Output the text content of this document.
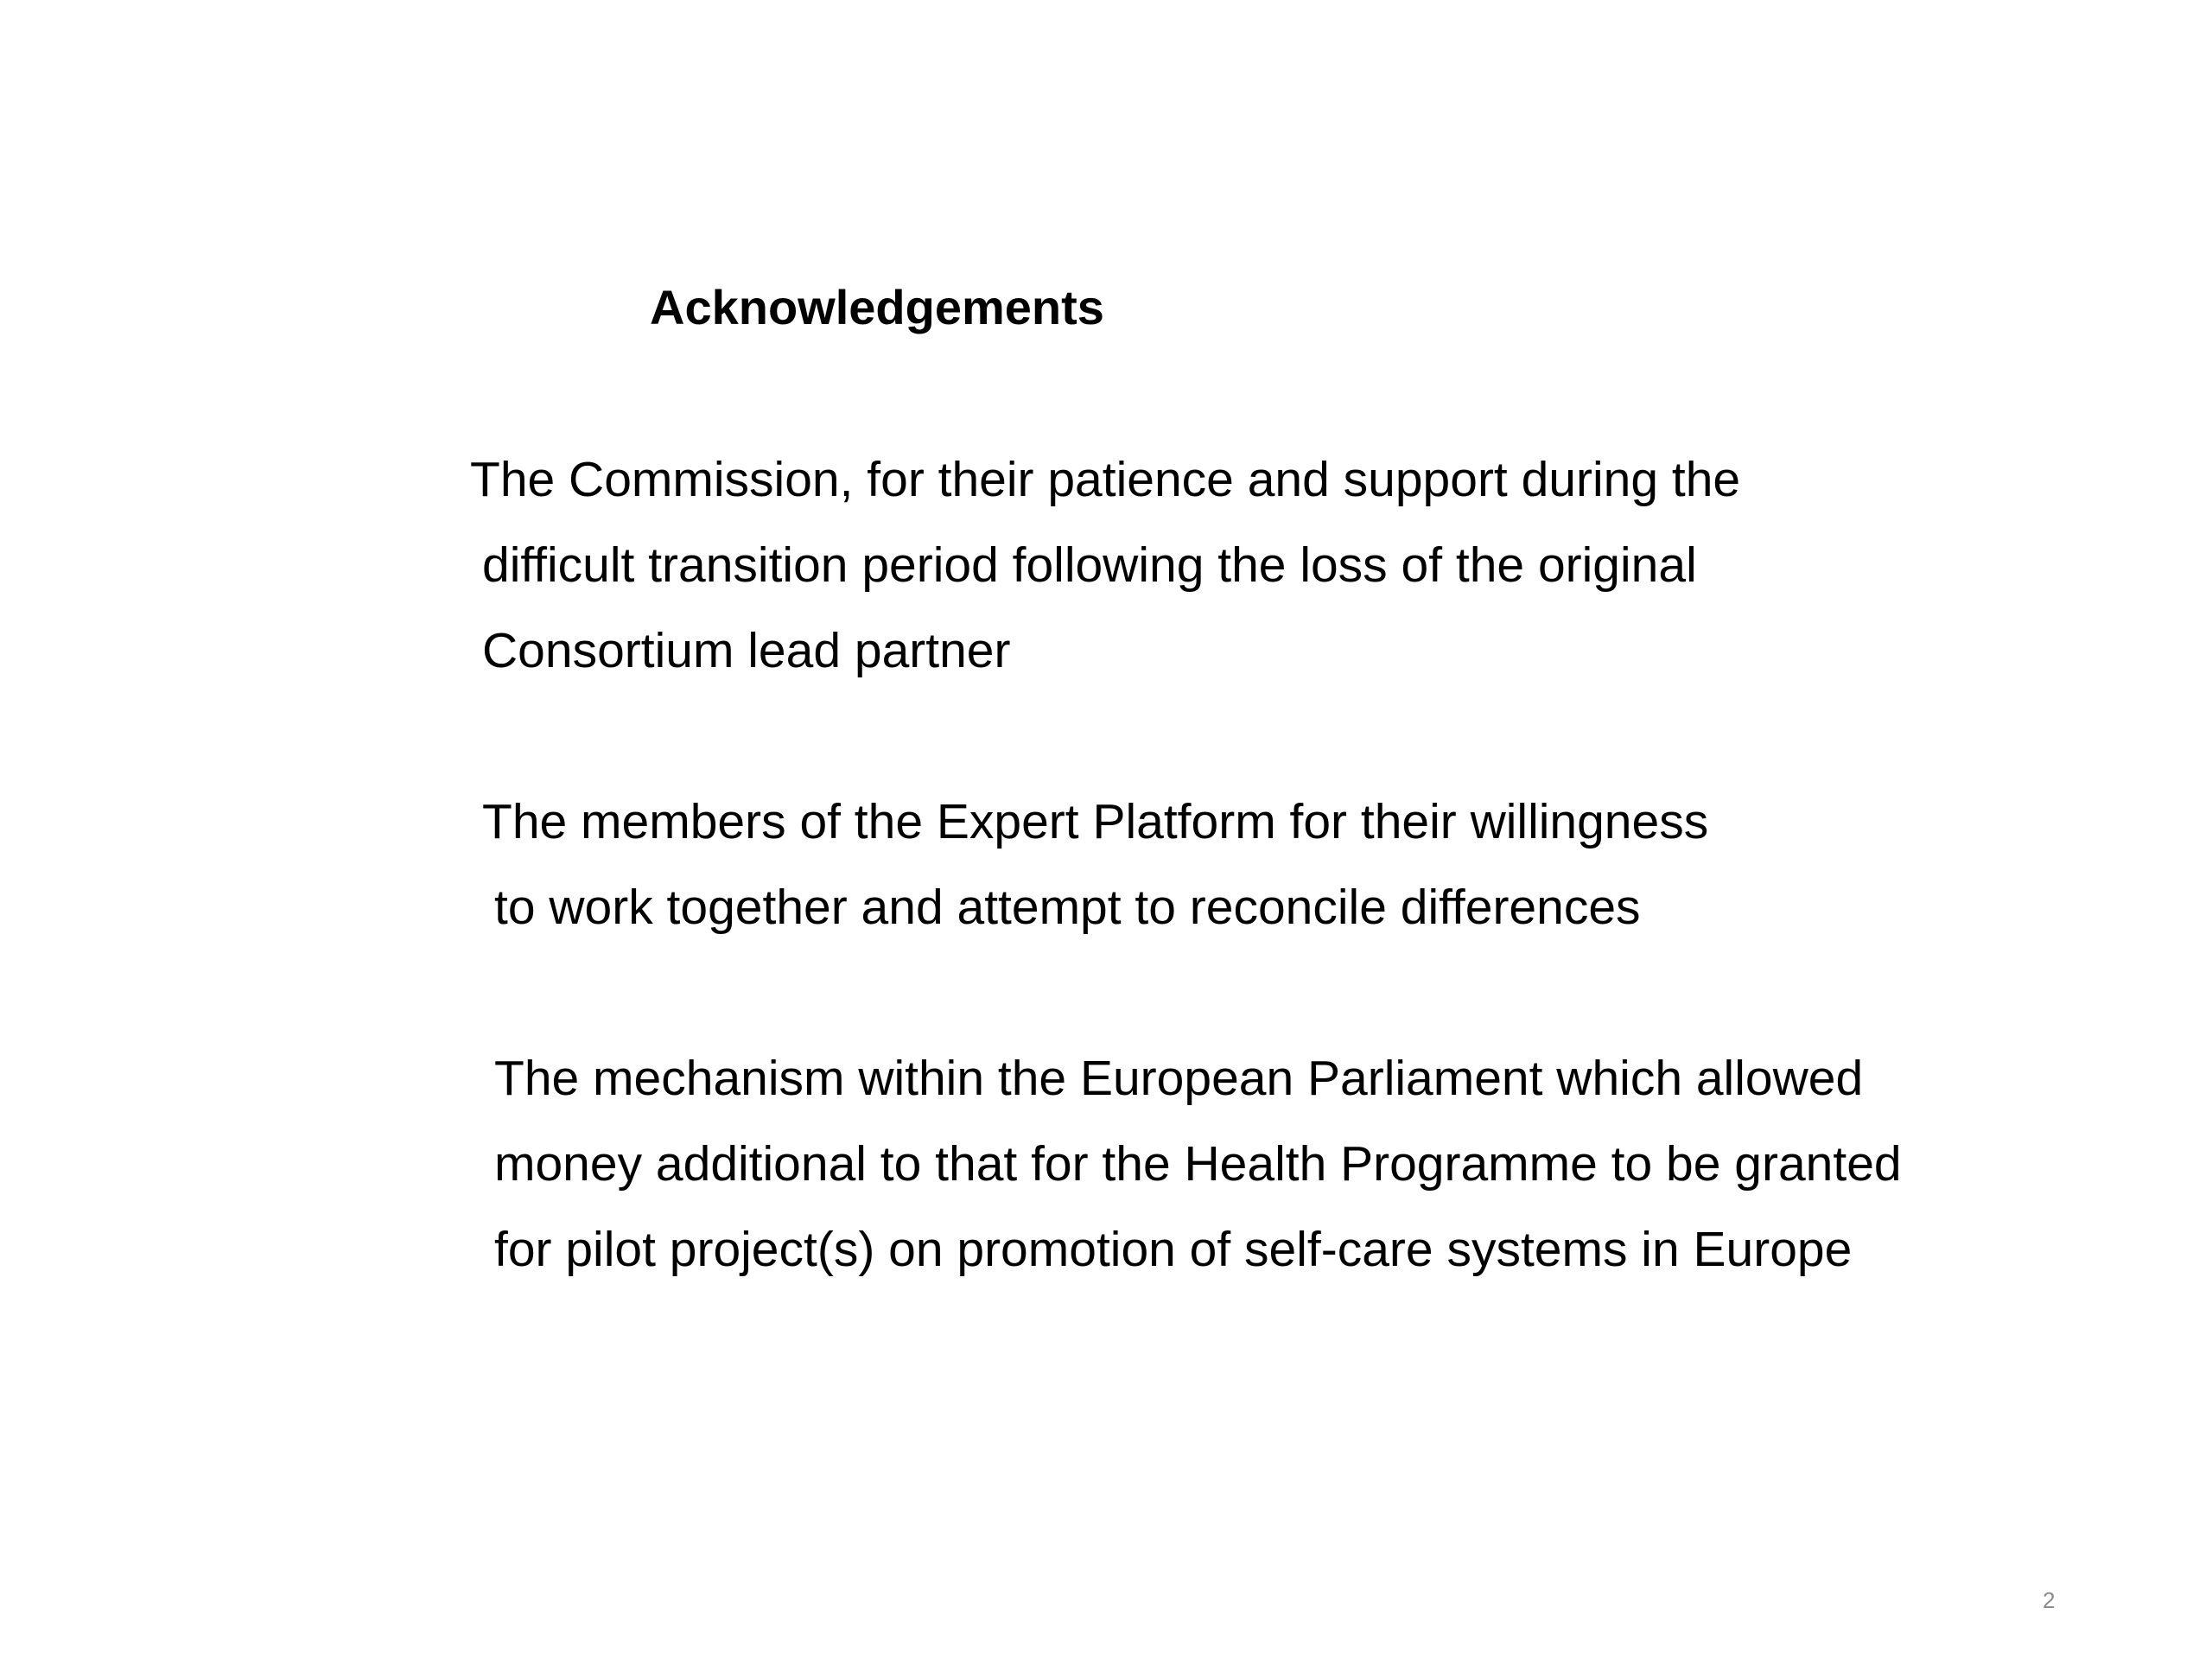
Acknowledgements
The Commission, for their patience and support during the
difficult transition period following the loss of the original
Consortium lead partner
The members of the Expert Platform for their willingness
to work together and attempt to reconcile differences
The mechanism within the European Parliament which allowed
money additional to that for the Health Programme to be granted
for pilot project(s) on promotion of self-care systems in Europe
2
